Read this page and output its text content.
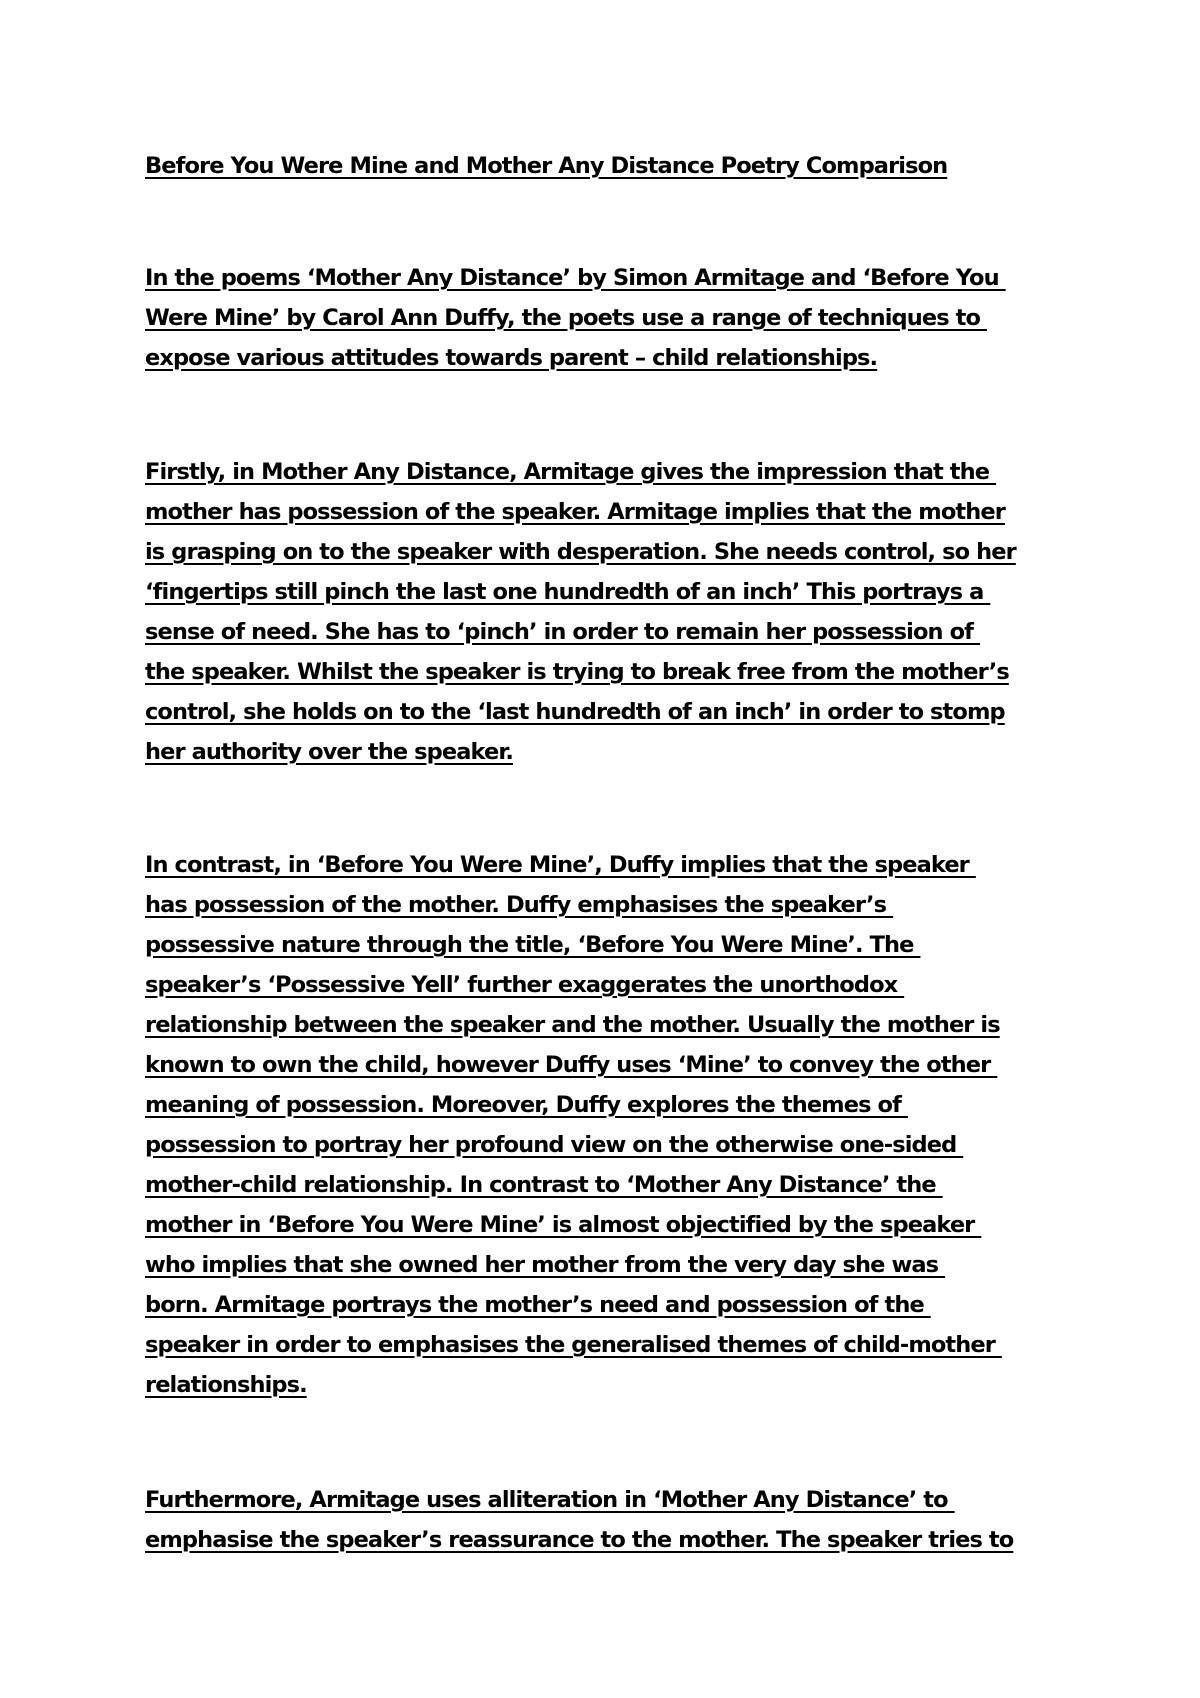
Before You Were Mine and Mother Any Distance Poetry Comparison

In the poems ‘Mother Any Distance’ by Simon Armitage and ‘Before You

Were Mine’ by Carol Ann Duffy, the poets use a range of techniques to

expose various attitudes towards parent – child relationships.

Firstly, in Mother Any Distance, Armitage gives the impression that the

mother has possession of the speaker. Armitage implies that the mother

is grasping on to the speaker with desperation. She needs control, so her

‘fingertips still pinch the last one hundredth of an inch’ This portrays a

sense of need. She has to ‘pinch’ in order to remain her possession of

the speaker. Whilst the speaker is trying to break free from the mother’s

control, she holds on to the ‘last hundredth of an inch’ in order to stomp

her authority over the speaker.

In contrast, in ‘Before You Were Mine’, Duffy implies that the speaker

has possession of the mother. Duffy emphasises the speaker’s

possessive nature through the title, ‘Before You Were Mine’. The

speaker’s ‘Possessive Yell’ further exaggerates the unorthodox

relationship between the speaker and the mother. Usually the mother is

known to own the child, however Duffy uses ‘Mine’ to convey the other

meaning of possession. Moreover, Duffy explores the themes of

possession to portray her profound view on the otherwise one-sided

mother-child relationship. In contrast to ‘Mother Any Distance’ the

mother in ‘Before You Were Mine’ is almost objectified by the speaker

who implies that she owned her mother from the very day she was

born. Armitage portrays the mother’s need and possession of the

speaker in order to emphasises the generalised themes of child-mother

relationships.

Furthermore, Armitage uses alliteration in ‘Mother Any Distance’ to

emphasise the speaker’s reassurance to the mother. The speaker tries to
